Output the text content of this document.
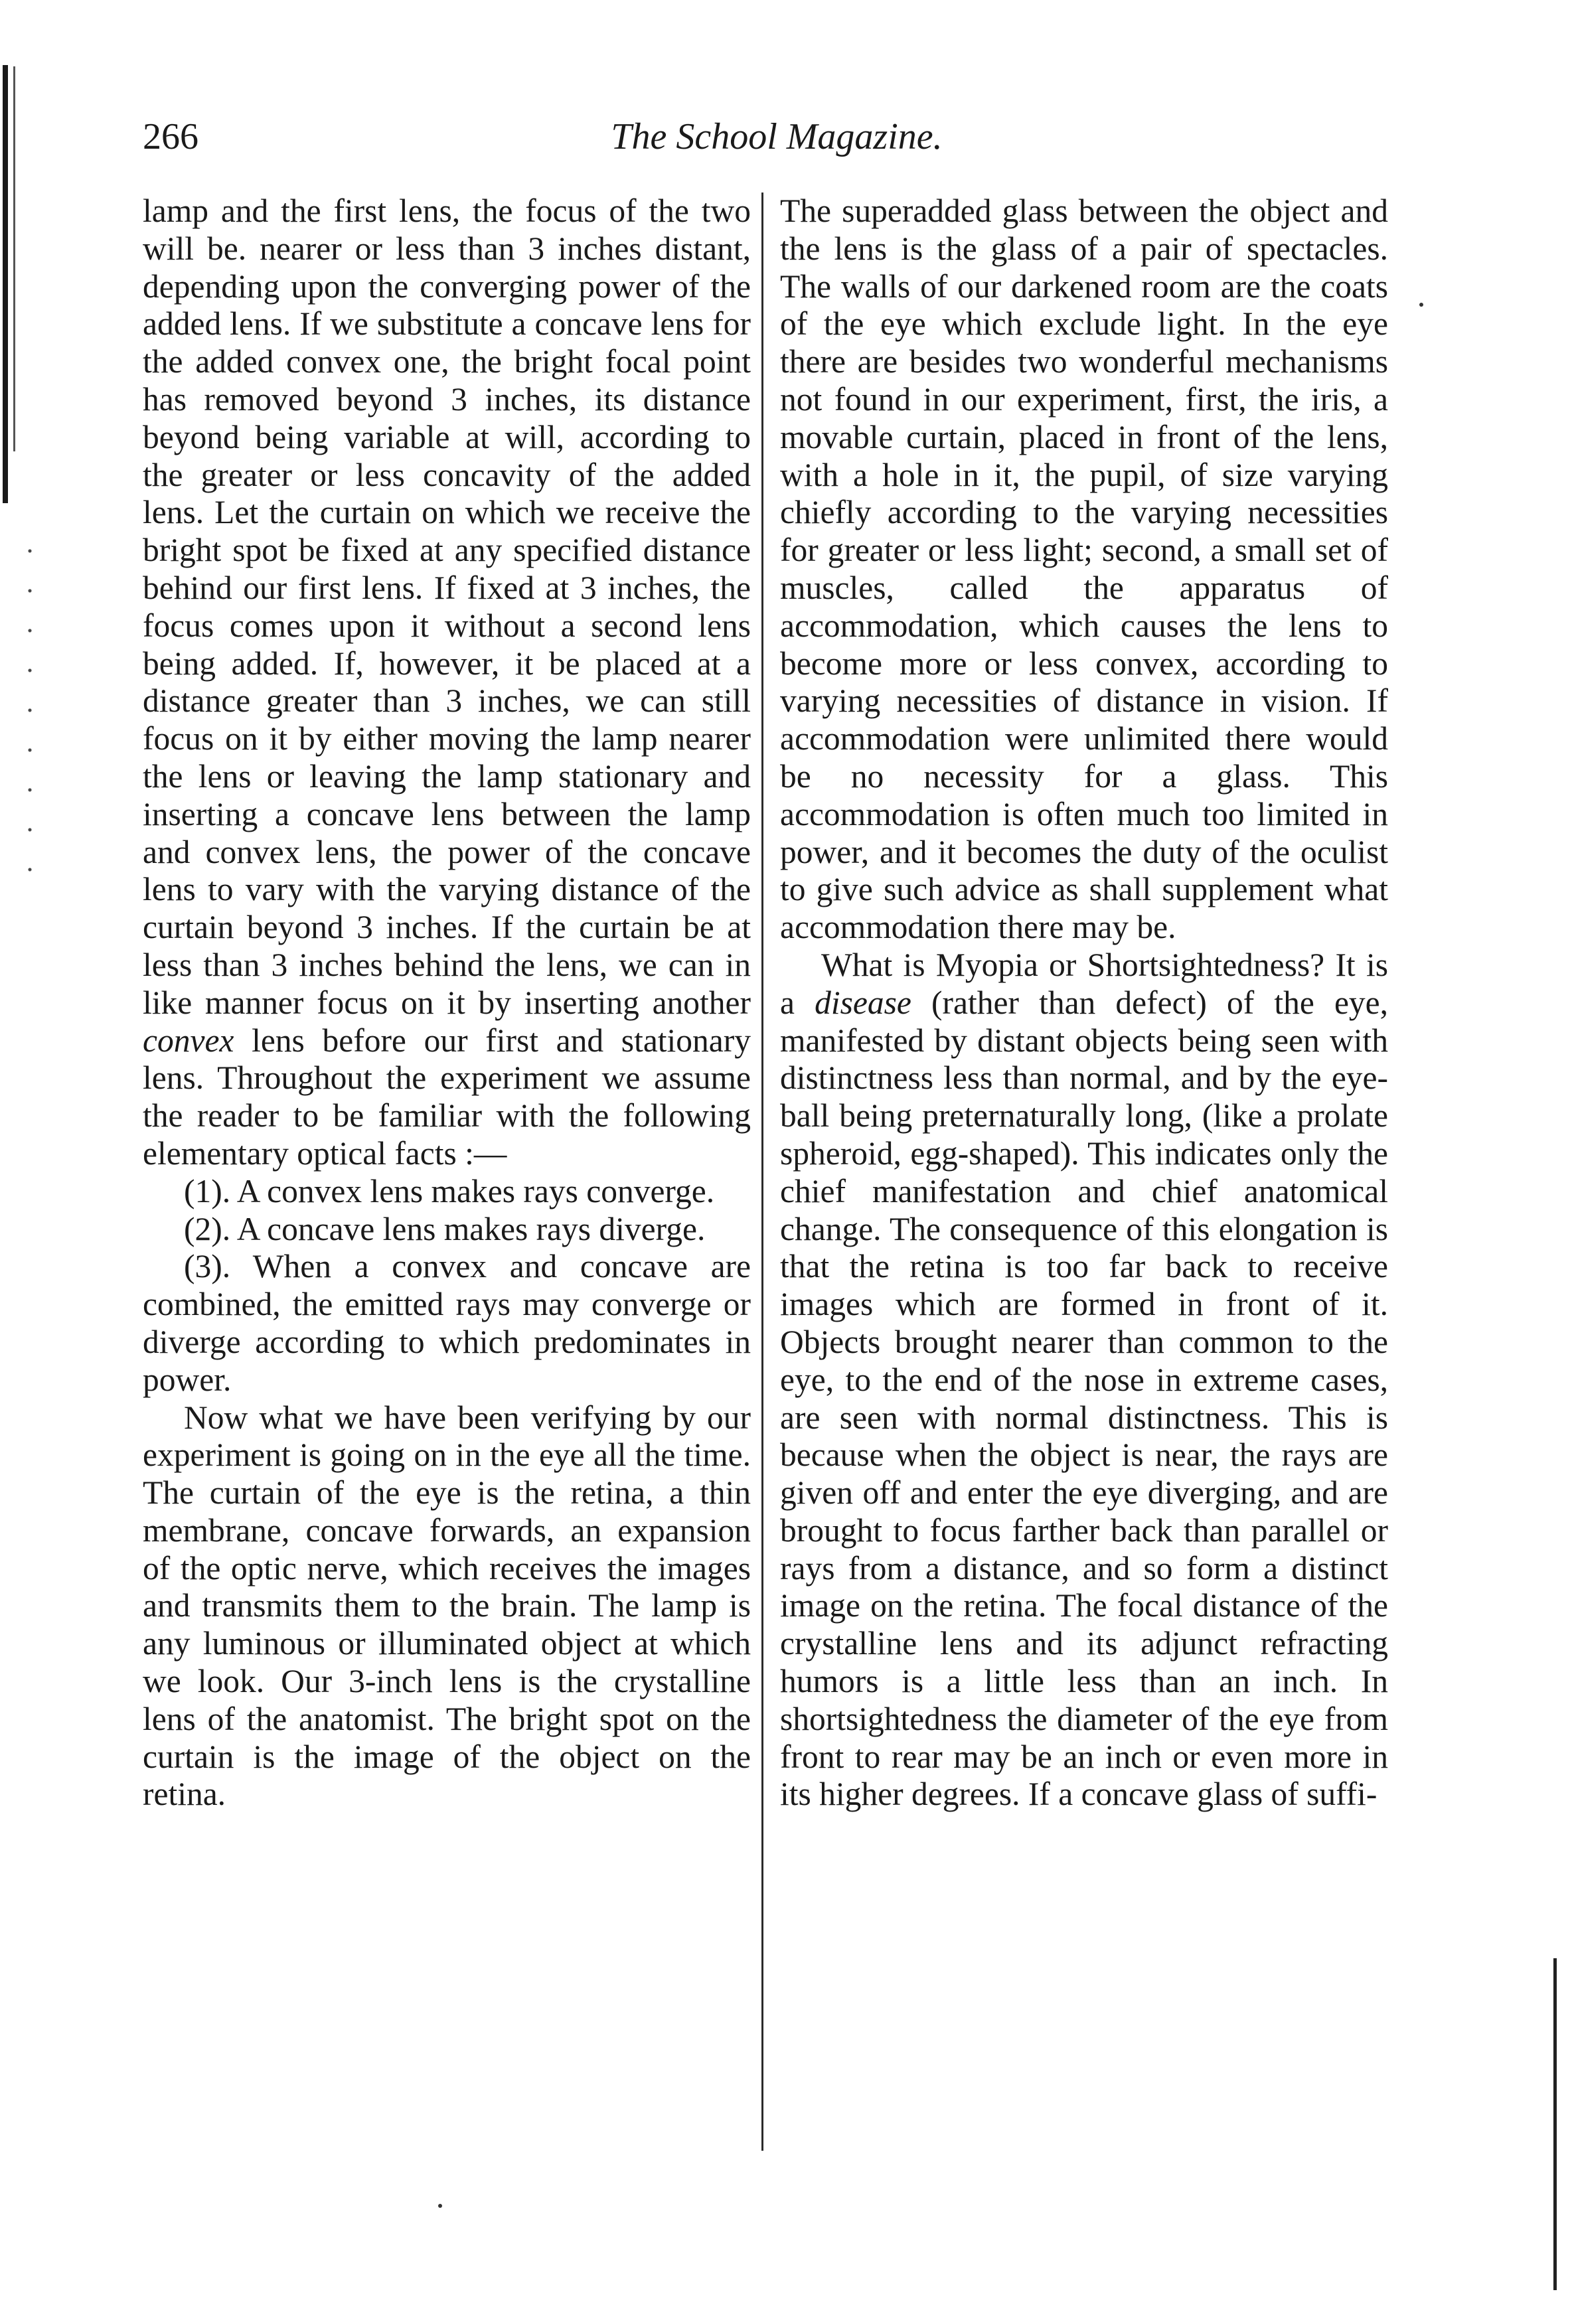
266	The School Magazine.

lamp and the first lens, the focus of the two will be. nearer or less than 3 inches distant, depending upon the converging power of the added lens. If we substitute a concave lens for the added convex one, the bright focal point has removed beyond 3 inches, its distance beyond being variable at will, according to the greater or less concavity of the added lens. Let the curtain on which we receive the bright spot be fixed at any specified distance behind our first lens. If fixed at 3 inches, the focus comes upon it without a second lens being added. If, however, it be placed at a distance greater than 3 inches, we can still focus on it by either moving the lamp nearer the lens or leaving the lamp stationary and inserting a concave lens between the lamp and convex lens, the power of the concave lens to vary with the varying distance of the curtain beyond 3 inches. If the curtain be at less than 3 inches behind the lens, we can in like manner focus on it by inserting another convex lens before our first and stationary lens. Throughout the experiment we assume the reader to be familiar with the following elementary optical facts :—

(1). A convex lens makes rays converge.

(2). A concave lens makes rays diverge.

(3). When a convex and concave are combined, the emitted rays may converge or diverge according to which predominates in power.

Now what we have been verifying by our experiment is going on in the eye all the time. The curtain of the eye is the retina, a thin membrane, concave forwards, an expansion of the optic nerve, which receives the images and transmits them to the brain. The lamp is any luminous or illuminated object at which we look. Our 3-inch lens is the crystalline lens of the anatomist. The bright spot on the curtain is the image of the object on the retina.

The superadded glass between the object and the lens is the glass of a pair of spectacles. The walls of our darkened room are the coats of the eye which exclude light. In the eye there are besides two wonderful mechanisms not found in our experiment, first, the iris, a movable curtain, placed in front of the lens, with a hole in it, the pupil, of size varying chiefly according to the varying necessities for greater or less light; second, a small set of muscles, called the apparatus of accommodation, which causes the lens to become more or less convex, according to varying necessities of distance in vision. If accommodation were unlimited there would be no necessity for a glass. This accommodation is often much too limited in power, and it becomes the duty of the oculist to give such advice as shall supplement what accommodation there may be.

What is Myopia or Shortsightedness? It is a disease (rather than defect) of the eye, manifested by distant objects being seen with distinctness less than normal, and by the eye-ball being preternaturally long, (like a prolate spheroid, egg-shaped). This indicates only the chief manifestation and chief anatomical change. The consequence of this elongation is that the retina is too far back to receive images which are formed in front of it. Objects brought nearer than common to the eye, to the end of the nose in extreme cases, are seen with normal distinctness. This is because when the object is near, the rays are given off and enter the eye diverging, and are brought to focus farther back than parallel or rays from a distance, and so form a distinct image on the retina. The focal distance of the crystalline lens and its adjunct refracting humors is a little less than an inch. In shortsightedness the diameter of the eye from front to rear may be an inch or even more in its higher degrees. If a concave glass of suffi-
